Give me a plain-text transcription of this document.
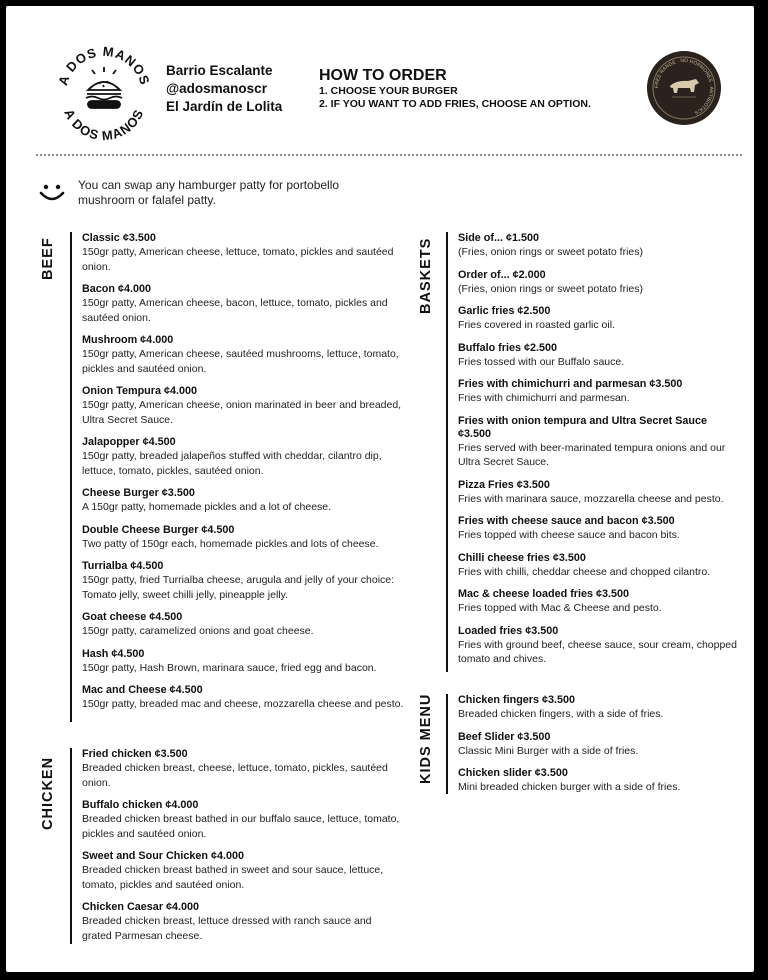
A DOS MANOS
A DOS MANOS
Barrio Escalante
@adosmanoscr
El Jardín de Lolita
HOW TO ORDER
1. CHOOSE YOUR BURGER
2. IF YOU WANT TO ADD FRIES, CHOOSE AN OPTION.
FREE RANGE · NO HORMONES · ANTIBIOTICS
You can swap any hamburger patty for portobello mushroom or falafel patty.
BEEF Classic ¢3.500
150gr patty, American cheese, lettuce, tomato, pickles and sautéed onion.
Bacon ¢4.000
150gr patty, American cheese, bacon, lettuce, tomato, pickles and sautéed onion.
Mushroom ¢4.000
150gr patty, American cheese, sautéed mushrooms, lettuce, tomato, pickles and sautéed onion.
Onion Tempura ¢4.000
150gr patty, American cheese, onion marinated in beer and breaded, Ultra Secret Sauce.
Jalapopper ¢4.500
150gr patty, breaded jalapeños stuffed with cheddar, cilantro dip, lettuce, tomato, pickles, sautéed onion.
Cheese Burger ¢3.500
A 150gr patty, homemade pickles and a lot of cheese.
Double Cheese Burger ¢4.500
Two patty of 150gr each, homemade pickles and lots of cheese.
Turrialba ¢4.500
150gr patty, fried Turrialba cheese, arugula and jelly of your choice: Tomato jelly, sweet chilli jelly, pineapple jelly.
Goat cheese ¢4.500
150gr patty, caramelized onions and goat cheese.
Hash ¢4.500
150gr patty, Hash Brown, marinara sauce, fried egg and bacon.
Mac and Cheese ¢4.500
150gr patty, breaded mac and cheese, mozzarella cheese and pesto.
CHICKEN
Fried chicken ¢3.500
Breaded chicken breast, cheese, lettuce, tomato, pickles, sautéed onion.
Buffalo chicken ¢4.000
Breaded chicken breast bathed in our buffalo sauce, lettuce, tomato, pickles and sautéed onion.
Sweet and Sour Chicken ¢4.000
Breaded chicken breast bathed in sweet and sour sauce, lettuce, tomato, pickles and sautéed onion.
Chicken Caesar ¢4.000
Breaded chicken breast, lettuce dressed with ranch sauce and grated Parmesan cheese.
BASKETS Side of... ¢1.500
(Fries, onion rings or sweet potato fries)
Order of... ¢2.000
(Fries, onion rings or sweet potato fries)
Garlic fries ¢2.500
Fries covered in roasted garlic oil.
Buffalo fries ¢2.500
Fries tossed with our Buffalo sauce.
Fries with chimichurri and parmesan ¢3.500
Fries with chimichurri and parmesan.
Fries with onion tempura and Ultra Secret Sauce ¢3.500
Fries served with beer-marinated tempura onions and our Ultra Secret Sauce.
Pizza Fries ¢3.500
Fries with marinara sauce, mozzarella cheese and pesto.
Fries with cheese sauce and bacon ¢3.500
Fries topped with cheese sauce and bacon bits.
Chilli cheese fries ¢3.500
Fries with chilli, cheddar cheese and chopped cilantro.
Mac & cheese loaded fries ¢3.500
Fries topped with Mac & Cheese and pesto.
Loaded fries ¢3.500
Fries with ground beef, cheese sauce, sour cream, chopped tomato and chives.
KIDS MENU Chicken fingers ¢3.500
Breaded chicken fingers, with a side of fries.
Beef Slider ¢3.500
Classic Mini Burger with a side of fries.
Chicken slider ¢3.500
Mini breaded chicken burger with a side of fries.
